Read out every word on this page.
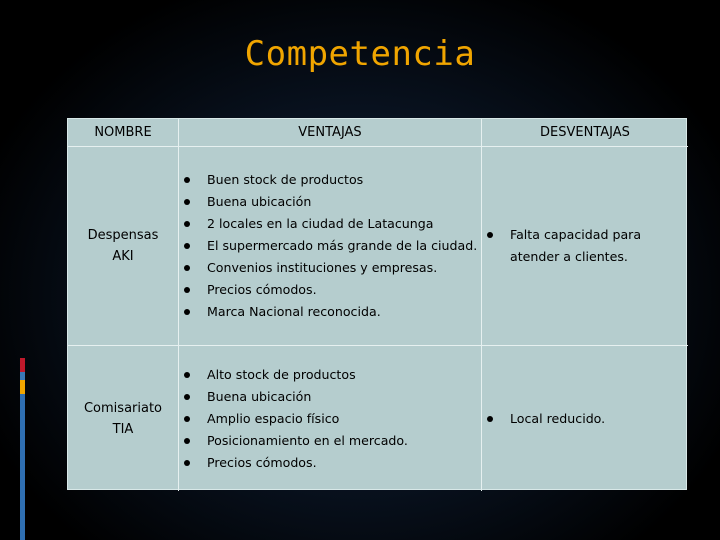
Competencia
NOMBRE	VENTAJAS	DESVENTAJAS
Despensas
AKI
Buen stock de productos
Buena ubicación
2 locales en la ciudad de Latacunga
El supermercado más grande de la ciudad.
Convenios instituciones y empresas.
Precios cómodos.
Marca Nacional reconocida.
Falta capacidad para atender a clientes.
Comisariato
TIA
Alto stock de productos
Buena ubicación
Amplio espacio físico
Posicionamiento en el mercado.
Precios cómodos.
Local reducido.
